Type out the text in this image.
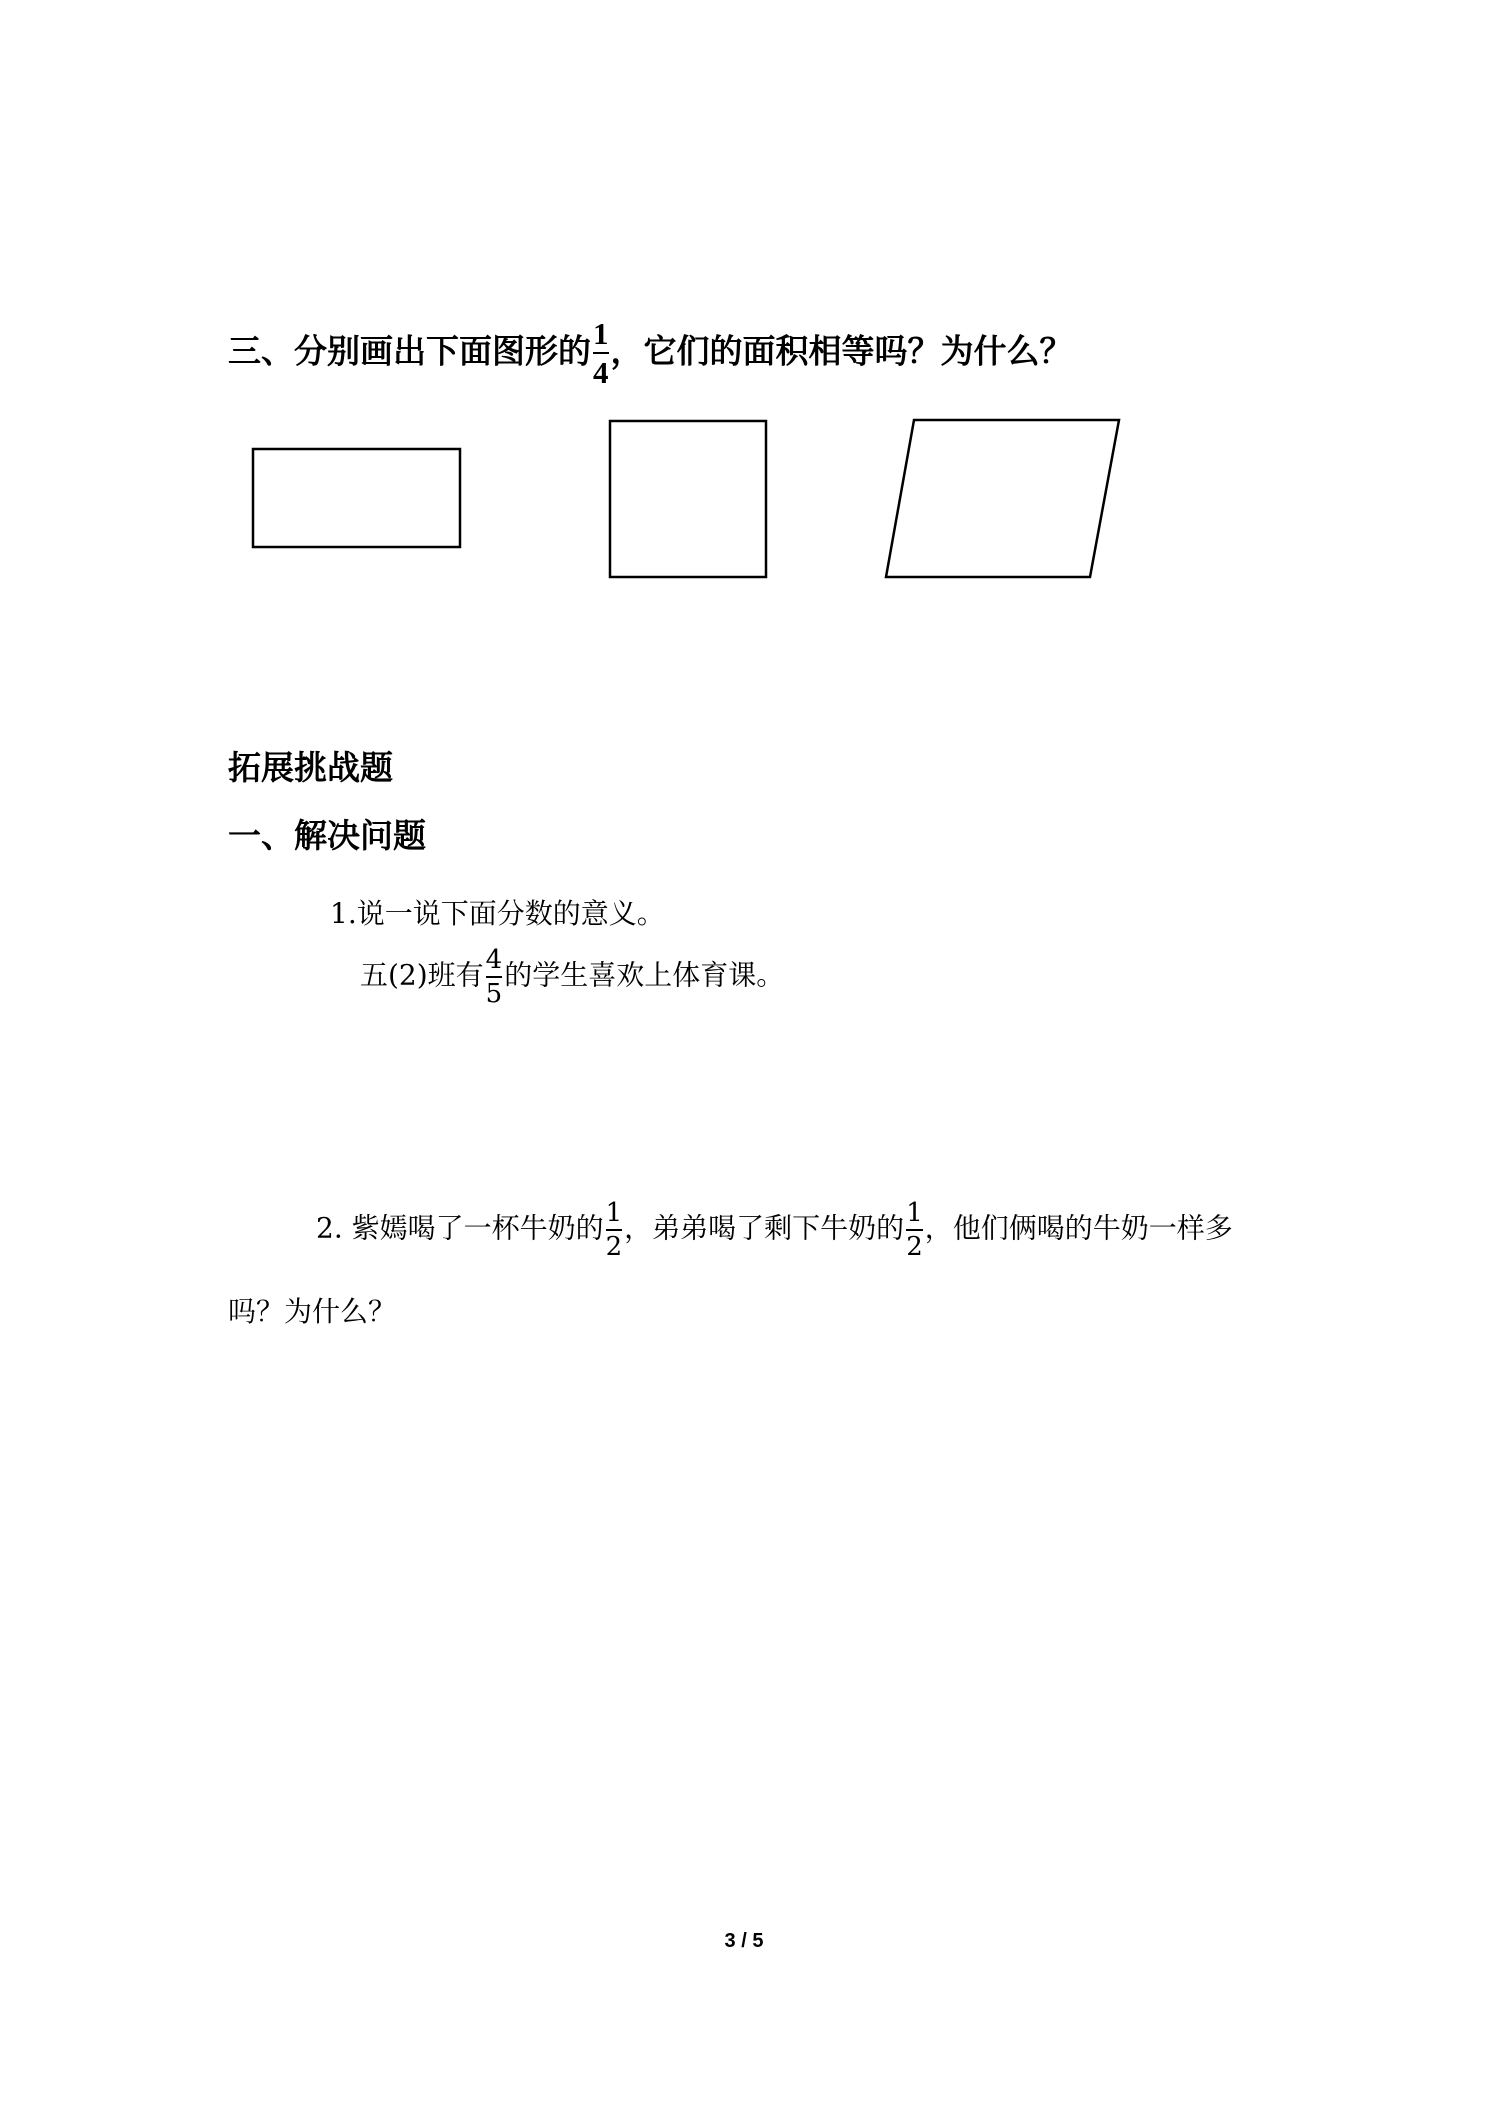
三、分别画出下面图形的 $\frac{1}{4}$ ，它们的面积相等吗？为什么？
拓展挑战题
一、解决问题
1.说一说下面分数的意义。
五(2)班有 $\frac{4}{5}$ 的学生喜欢上体育课。
2. 紫嫣喝了一杯牛奶的 $\frac{1}{2}$ ，弟弟喝了剩下牛奶的 $\frac{1}{2}$ ，他们俩喝的牛奶一样多
吗？为什么？
3 / 5
